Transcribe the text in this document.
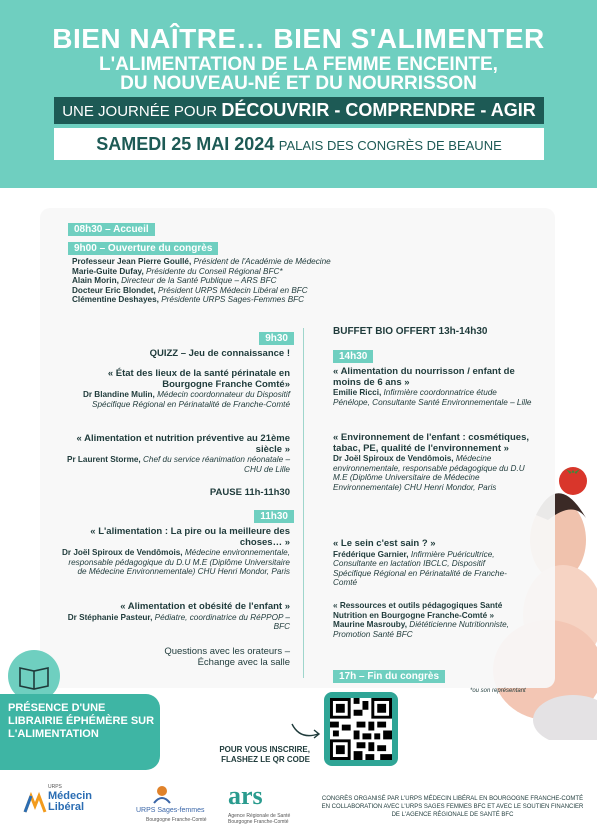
BIEN NAÎTRE… BIEN S'ALIMENTER
L'ALIMENTATION DE LA FEMME ENCEINTE,
DU NOUVEAU-NÉ ET DU NOURRISSON
UNE JOURNÉE POUR DÉCOUVRIR - COMPRENDRE - AGIR
SAMEDI 25 MAI 2024 PALAIS DES CONGRÈS DE BEAUNE
08h30 – Accueil
9h00 – Ouverture du congrès
Professeur Jean Pierre Goullé, Président de l'Académie de Médecine
Marie-Guite Dufay, Présidente du Conseil Régional BFC*
Alain Morin, Directeur de la Santé Publique – ARS BFC
Docteur Eric Blondet, Président URPS Médecin Libéral en BFC
Clémentine Deshayes, Présidente URPS Sages-Femmes BFC
9h30
QUIZZ – Jeu de connaissance !
« État des lieux de la santé périnatale en Bourgogne Franche Comté»
Dr Blandine Mulin, Médecin coordonnateur du Dispositif Spécifique Régional en Périnatalité de Franche-Comté
« Alimentation et nutrition préventive au 21ème siècle »
Pr Laurent Storme, Chef du service réanimation néonatale – CHU de Lille
PAUSE 11h-11h30
11h30
« L'alimentation : La pire ou la meilleure des choses… »
Dr Joël Spiroux de Vendômois, Médecine environnementale, responsable pédagogique du D.U M.E (Diplôme Universitaire de Médecine Environnementale) CHU Henri Mondor, Paris
« Alimentation et obésité de l'enfant »
Dr Stéphanie Pasteur, Pédiatre, coordinatrice du RéPPOP – BFC
Questions avec les orateurs – Échange avec la salle
BUFFET BIO OFFERT 13h-14h30
14h30
« Alimentation du nourrisson / enfant de moins de 6 ans »
Emilie Ricci, Infirmière coordonnatrice étude Pénélope, Consultante Santé Environnementale – Lille
« Environnement de l'enfant : cosmétiques, tabac, PE, qualité de l'environnement »
Dr Joël Spiroux de Vendômois, Médecine environnementale, responsable pédagogique du D.U M.E (Diplôme Universitaire de Médecine Environnementale) CHU Henri Mondor, Paris
« Le sein c'est sain ? »
Frédérique Garnier, Infirmière Puéricultrice, Consultante en lactation IBCLC, Dispositif Spécifique Régional en Périnatalité de Franche-Comté
« Ressources et outils pédagogiques Santé Nutrition en Bourgogne Franche-Comté »
Maurine Masrouby, Diététicienne Nutritionniste, Promotion Santé BFC
17h – Fin du congrès
*ou son représentant
PRÉSENCE D'UNE LIBRAIRIE ÉPHÉMÈRE SUR L'ALIMENTATION
POUR VOUS INSCRIRE, FLASHEZ LE QR CODE
Médecin
Libéral
URPS
URPS Sages-femmes
Bourgogne Franche-Comté
ars
Agence Régionale de Santé Bourgogne Franche-Comté
CONGRÈS ORGANISÉ PAR L'URPS MÉDECIN LIBÉRAL EN BOURGOGNE FRANCHE-COMTÉ EN COLLABORATION AVEC L'URPS SAGES FEMMES BFC ET AVEC LE SOUTIEN FINANCIER DE L'AGENCE RÉGIONALE DE SANTÉ BFC
